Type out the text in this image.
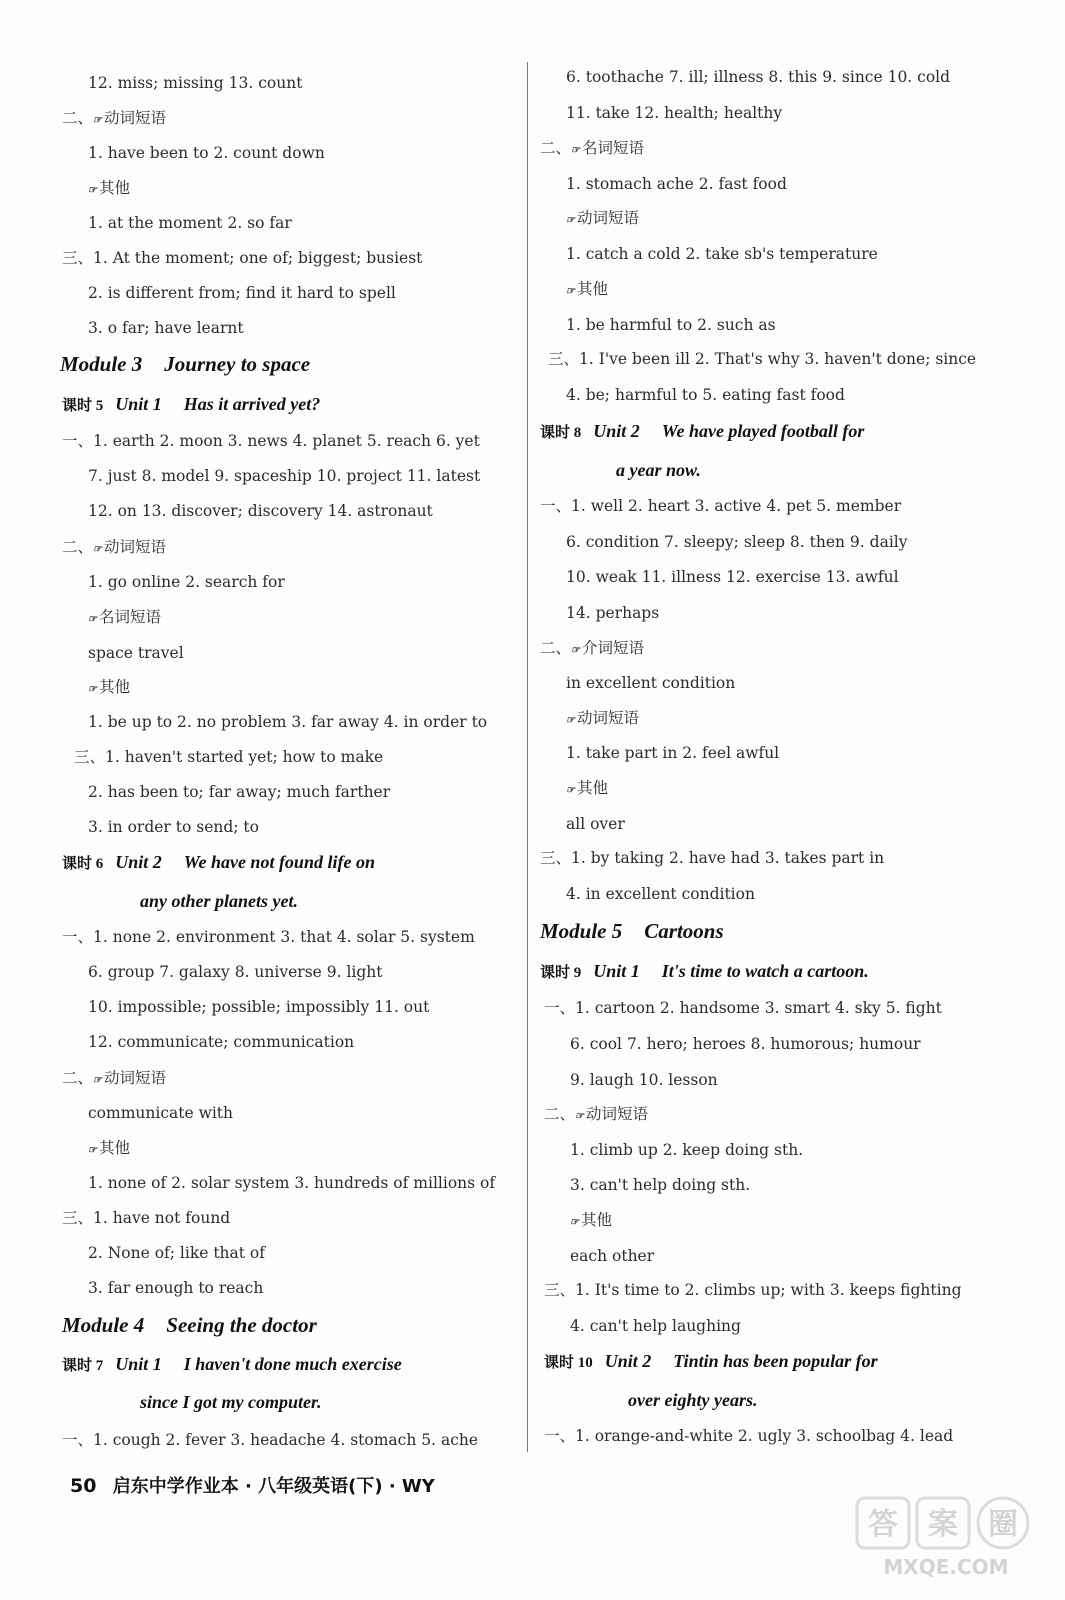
12. miss; missing 13. count
二、☞ 动词短语
1. have been to 2. count down
☞ 其他
1. at the moment 2. so far
三、1. At the moment; one of; biggest; busiest
2. is different from; find it hard to spell
3. o far; have learnt
Module 3 Journey to space
课时 5 Unit 1 Has it arrived yet?
一、1. earth 2. moon 3. news 4. planet 5. reach 6. yet
7. just 8. model 9. spaceship 10. project 11. latest
12. on 13. discover; discovery 14. astronaut
二、☞ 动词短语
1. go online 2. search for
☞ 名词短语
space travel
☞ 其他
1. be up to 2. no problem 3. far away 4. in order to
三、1. haven't started yet; how to make
2. has been to; far away; much farther
3. in order to send; to
课时 6 Unit 2 We have not found life on
any other planets yet.
一、1. none 2. environment 3. that 4. solar 5. system
6. group 7. galaxy 8. universe 9. light
10. impossible; possible; impossibly 11. out
12. communicate; communication
二、☞ 动词短语
communicate with
☞ 其他
1. none of 2. solar system 3. hundreds of millions of
三、1. have not found
2. None of; like that of
3. far enough to reach
Module 4 Seeing the doctor
课时 7 Unit 1 I haven't done much exercise
since I got my computer.
一、1. cough 2. fever 3. headache 4. stomach 5. ache
6. toothache 7. ill; illness 8. this 9. since 10. cold
11. take 12. health; healthy
二、☞ 名词短语
1. stomach ache 2. fast food
☞ 动词短语
1. catch a cold 2. take sb's temperature
☞ 其他
1. be harmful to 2. such as
三、1. I've been ill 2. That's why 3. haven't done; since
4. be; harmful to 5. eating fast food
课时 8 Unit 2 We have played football for
a year now.
一、1. well 2. heart 3. active 4. pet 5. member
6. condition 7. sleepy; sleep 8. then 9. daily
10. weak 11. illness 12. exercise 13. awful
14. perhaps
二、☞ 介词短语
in excellent condition
☞ 动词短语
1. take part in 2. feel awful
☞ 其他
all over
三、1. by taking 2. have had 3. takes part in
4. in excellent condition
Module 5 Cartoons
课时 9 Unit 1 It's time to watch a cartoon.
一、1. cartoon 2. handsome 3. smart 4. sky 5. fight
6. cool 7. hero; heroes 8. humorous; humour
9. laugh 10. lesson
二、☞ 动词短语
1. climb up 2. keep doing sth.
3. can't help doing sth.
☞ 其他
each other
三、1. It's time to 2. climbs up; with 3. keeps fighting
4. can't help laughing
课时 10 Unit 2 Tintin has been popular for
over eighty years.
一、1. orange-and-white 2. ugly 3. schoolbag 4. lead
50 启东中学作业本 · 八年级英语(下) · WY
答 案 圈
MXQE.COM
